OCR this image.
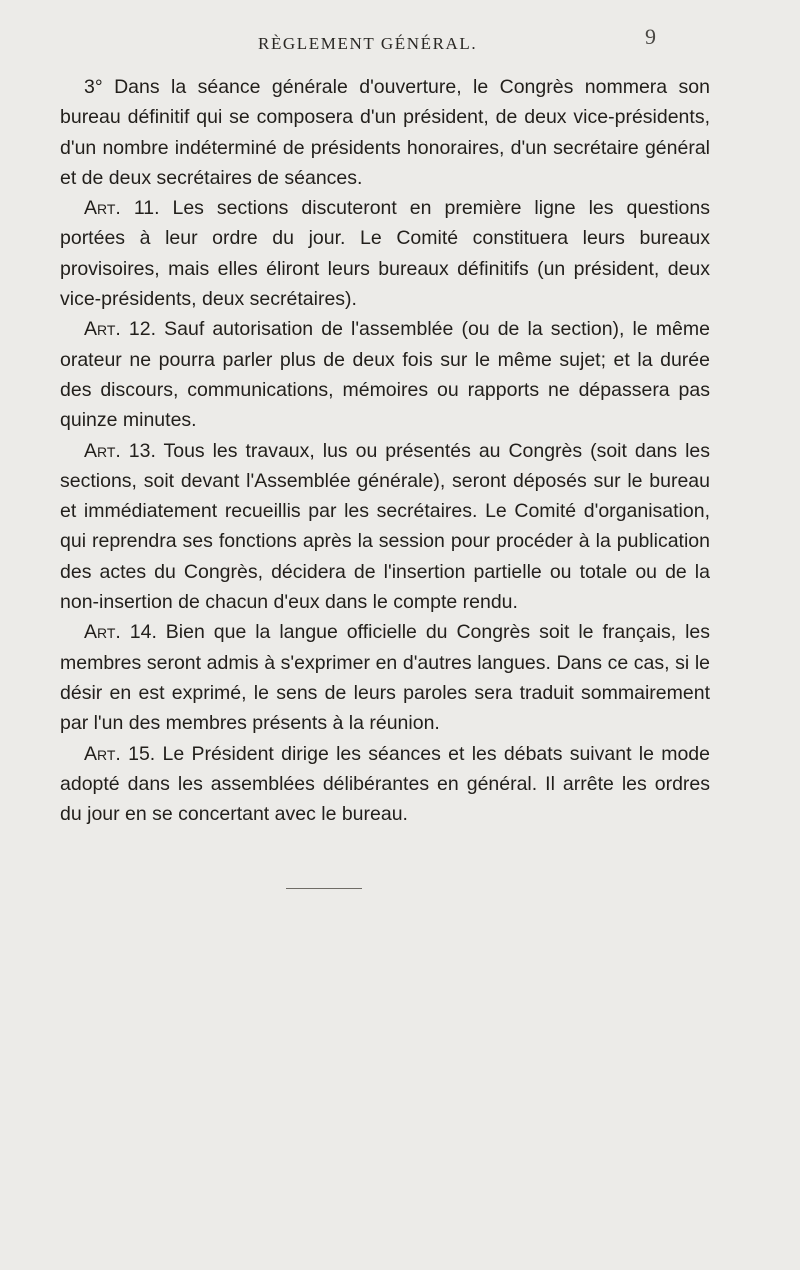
RÈGLEMENT GÉNÉRAL.	9

3° Dans la séance générale d'ouverture, le Congrès nommera son bureau définitif qui se composera d'un président, de deux vice-présidents, d'un nombre indéterminé de présidents honoraires, d'un secrétaire général et de deux secrétaires de séances.

Art. 11. Les sections discuteront en première ligne les questions portées à leur ordre du jour. Le Comité constituera leurs bureaux provisoires, mais elles éliront leurs bureaux définitifs (un président, deux vice-présidents, deux secrétaires).

Art. 12. Sauf autorisation de l'assemblée (ou de la section), le même orateur ne pourra parler plus de deux fois sur le même sujet; et la durée des discours, communications, mémoires ou rapports ne dépassera pas quinze minutes.

Art. 13. Tous les travaux, lus ou présentés au Congrès (soit dans les sections, soit devant l'Assemblée générale), seront déposés sur le bureau et immédiatement recueillis par les secrétaires. Le Comité d'organisation, qui reprendra ses fonctions après la session pour procéder à la publication des actes du Congrès, décidera de l'insertion partielle ou totale ou de la non-insertion de chacun d'eux dans le compte rendu.

Art. 14. Bien que la langue officielle du Congrès soit le français, les membres seront admis à s'exprimer en d'autres langues. Dans ce cas, si le désir en est exprimé, le sens de leurs paroles sera traduit sommairement par l'un des membres présents à la réunion.

Art. 15. Le Président dirige les séances et les débats suivant le mode adopté dans les assemblées délibérantes en général. Il arrête les ordres du jour en se concertant avec le bureau.
